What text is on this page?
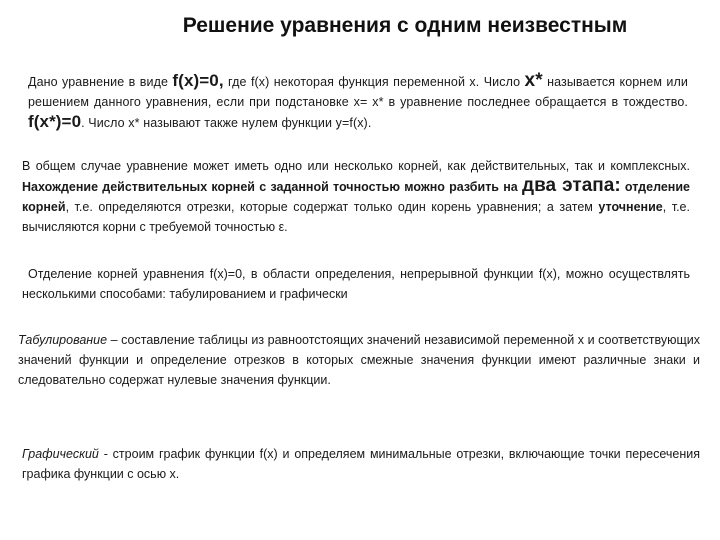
Решение уравнения с одним неизвестным

Дано уравнение в виде f(x)=0, где f(x) некоторая функция переменной x. Число x* называется корнем или решением данного уравнения, если при подстановке x= x* в уравнение последнее обращается в тождество. f(x*)=0. Число x* называют также нулем функции y=f(x).

В общем случае уравнение может иметь одно или несколько корней, как действительных, так и комплексных. Нахождение действительных корней с заданной точностью можно разбить на два этапа: отделение корней, т.е. определяются отрезки, которые содержат только один корень уравнения; а затем уточнение, т.е. вычисляются корни с требуемой точностью ε.

Отделение корней уравнения f(x)=0, в области определения, непрерывной функции f(x), можно осуществлять несколькими способами: табулированием и графически

Табулирование – составление таблицы из равноотстоящих значений независимой переменной x и соответствующих значений функции и определение отрезков в которых смежные значения функции имеют различные знаки и следовательно содержат нулевые значения функции.

Графический - строим график функции f(x) и определяем минимальные отрезки, включающие точки пересечения графика функции с осью x.
